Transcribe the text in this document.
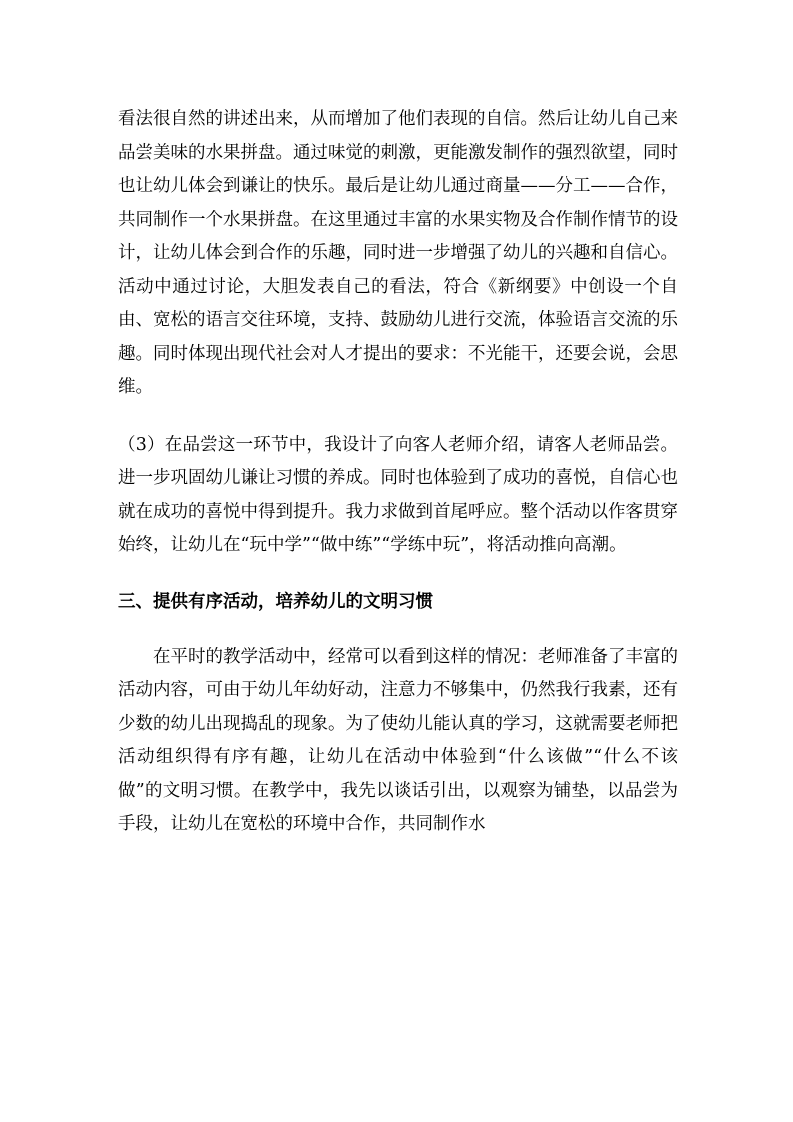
看法很自然的讲述出来，从而增加了他们表现的自信。然后让幼儿自己来品尝美味的水果拼盘。通过味觉的刺激，更能激发制作的强烈欲望，同时也让幼儿体会到谦让的快乐。最后是让幼儿通过商量——分工——合作，共同制作一个水果拼盘。在这里通过丰富的水果实物及合作制作情节的设计，让幼儿体会到合作的乐趣，同时进一步增强了幼儿的兴趣和自信心。活动中通过讨论，大胆发表自己的看法，符合《新纲要》中创设一个自由、宽松的语言交往环境，支持、鼓励幼儿进行交流，体验语言交流的乐趣。同时体现出现代社会对人才提出的要求：不光能干，还要会说，会思维。

（3）在品尝这一环节中，我设计了向客人老师介绍，请客人老师品尝。进一步巩固幼儿谦让习惯的养成。同时也体验到了成功的喜悦，自信心也就在成功的喜悦中得到提升。我力求做到首尾呼应。整个活动以作客贯穿始终，让幼儿在“玩中学”“做中练”“学练中玩”，将活动推向高潮。

三、提供有序活动，培养幼儿的文明习惯

在平时的教学活动中，经常可以看到这样的情况：老师准备了丰富的活动内容，可由于幼儿年幼好动，注意力不够集中，仍然我行我素，还有少数的幼儿出现捣乱的现象。为了使幼儿能认真的学习，这就需要老师把活动组织得有序有趣，让幼儿在活动中体验到“什么该做”“什么不该做”的文明习惯。在教学中，我先以谈话引出，以观察为铺垫，以品尝为手段，让幼儿在宽松的环境中合作，共同制作水
